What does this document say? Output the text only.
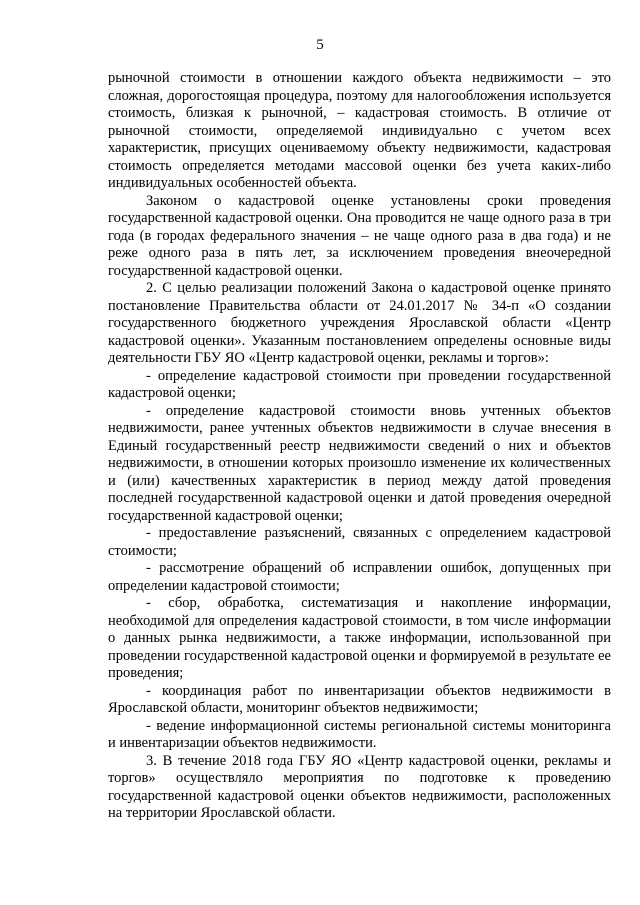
5

рыночной стоимости в отношении каждого объекта недвижимости – это сложная, дорогостоящая процедура, поэтому для налогообложения используется стоимость, близкая к рыночной, – кадастровая стоимость. В отличие от рыночной стоимости, определяемой индивидуально с учетом всех характеристик, присущих оцениваемому объекту недвижимости, кадастровая стоимость определяется методами массовой оценки без учета каких-либо индивидуальных особенностей объекта.

Законом о кадастровой оценке установлены сроки проведения государственной кадастровой оценки. Она проводится не чаще одного раза в три года (в городах федерального значения – не чаще одного раза в два года) и не реже одного раза в пять лет, за исключением проведения внеочередной государственной кадастровой оценки.

2. С целью реализации положений Закона о кадастровой оценке принято постановление Правительства области от 24.01.2017 № 34-п «О создании государственного бюджетного учреждения Ярославской области «Центр кадастровой оценки». Указанным постановлением определены основные виды деятельности ГБУ ЯО «Центр кадастровой оценки, рекламы и торгов»:

- определение кадастровой стоимости при проведении государственной кадастровой оценки;

- определение кадастровой стоимости вновь учтенных объектов недвижимости, ранее учтенных объектов недвижимости в случае внесения в Единый государственный реестр недвижимости сведений о них и объектов недвижимости, в отношении которых произошло изменение их количественных и (или) качественных характеристик в период между датой проведения последней государственной кадастровой оценки и датой проведения очередной государственной кадастровой оценки;

- предоставление разъяснений, связанных с определением кадастровой стоимости;

- рассмотрение обращений об исправлении ошибок, допущенных при определении кадастровой стоимости;

- сбор, обработка, систематизация и накопление информации, необходимой для определения кадастровой стоимости, в том числе информации о данных рынка недвижимости, а также информации, использованной при проведении государственной кадастровой оценки и формируемой в результате ее проведения;

- координация работ по инвентаризации объектов недвижимости в Ярославской области, мониторинг объектов недвижимости;

- ведение информационной системы региональной системы мониторинга и инвентаризации объектов недвижимости.

3. В течение 2018 года ГБУ ЯО «Центр кадастровой оценки, рекламы и торгов» осуществляло мероприятия по подготовке к проведению государственной кадастровой оценки объектов недвижимости, расположенных на территории Ярославской области.
